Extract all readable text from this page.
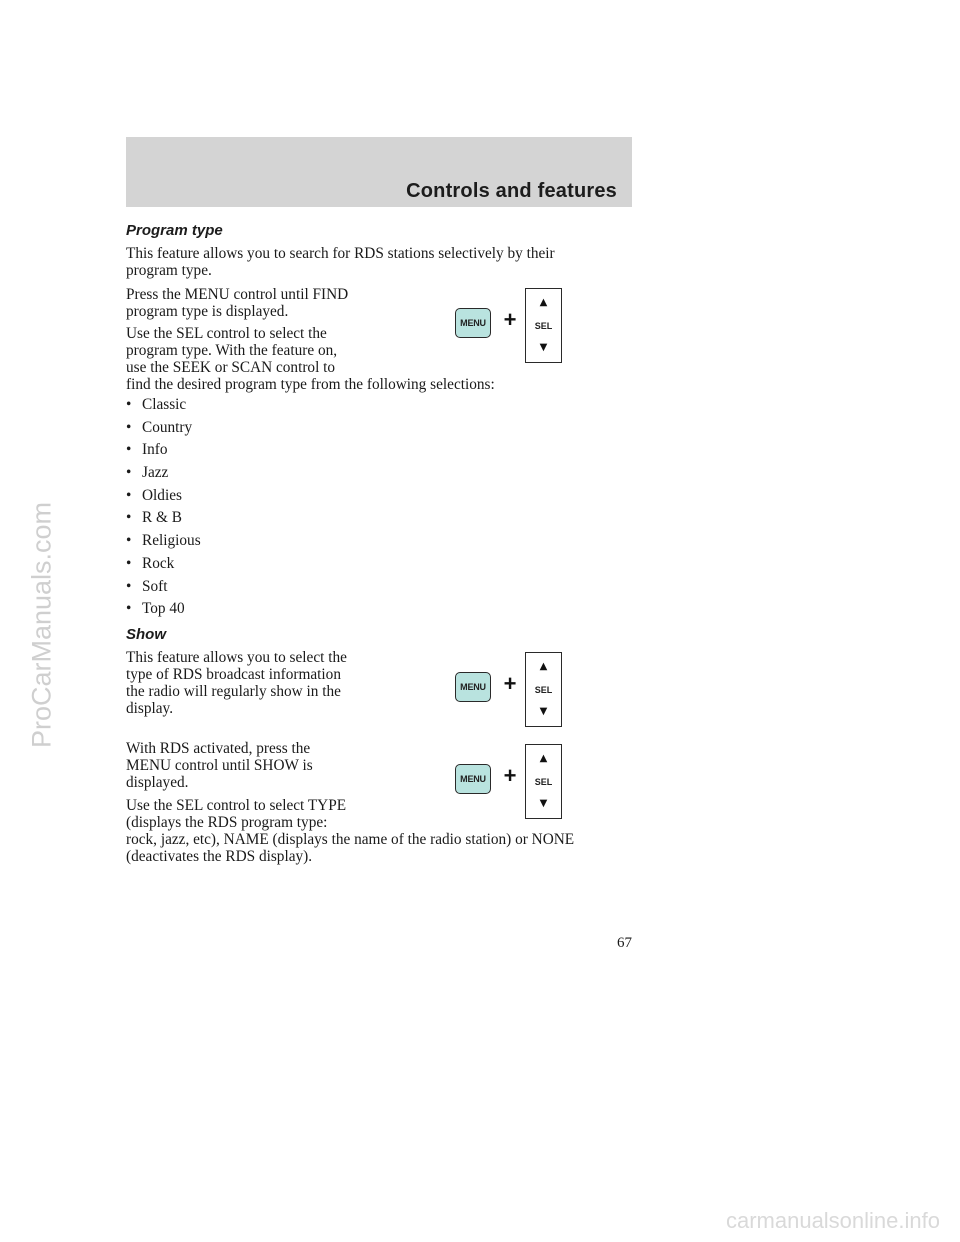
Controls and features
Program type
This feature allows you to search for RDS stations selectively by their
program type.
Press the MENU control until FIND
program type is displayed.
Use the SEL control to select the
program type. With the feature on,
use the SEEK or SCAN control to
find the desired program type from the following selections:
MENU +
▲
SEL
▼
• Classic
• Country
• Info
• Jazz
• Oldies
• R & B
• Religious
• Rock
• Soft
• Top 40
Show
This feature allows you to select the
type of RDS broadcast information
the radio will regularly show in the
display.
MENU +
▲
SEL
▼
With RDS activated, press the
MENU control until SHOW is
displayed.	MENU +
▲
SEL
▼
Use the SEL control to select TYPE
(displays the RDS program type:
rock, jazz, etc), NAME (displays the name of the radio station) or NONE
(deactivates the RDS display).
67
ProCarManuals.com
carmanualsonline.info
